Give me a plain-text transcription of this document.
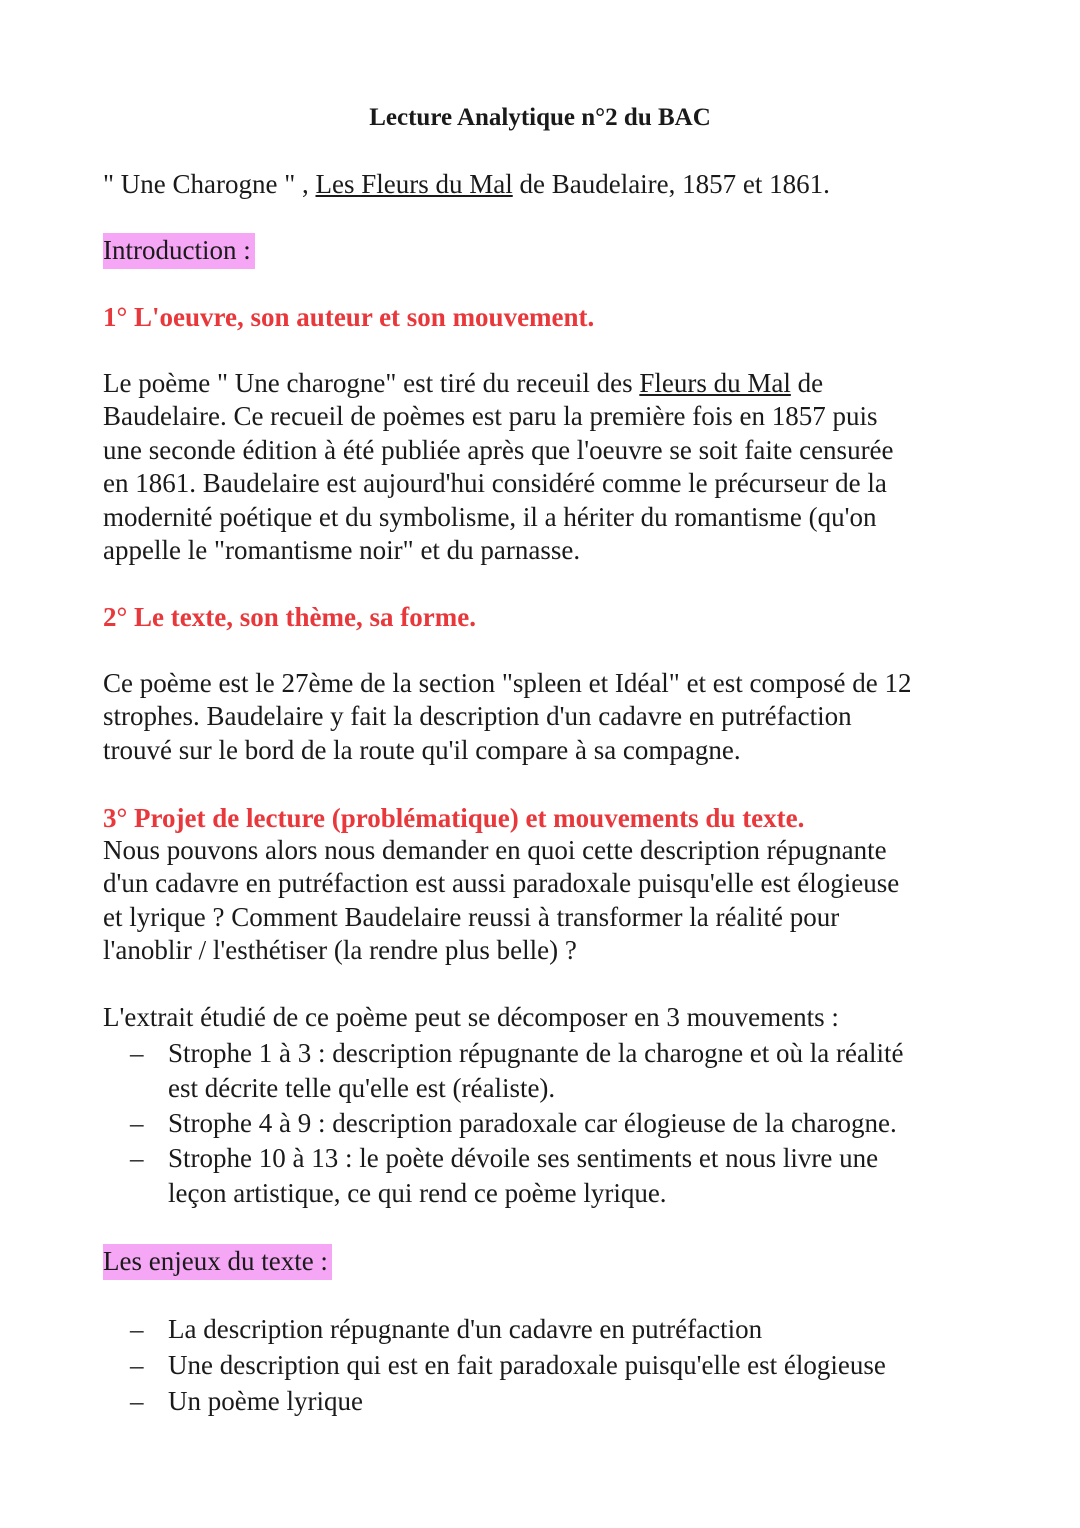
Lecture Analytique n°2 du BAC
" Une Charogne " , Les Fleurs du Mal de Baudelaire, 1857 et 1861.
Introduction :
1° L'oeuvre, son auteur et son mouvement.
Le poème " Une charogne" est tiré du receuil des Fleurs du Mal de
Baudelaire. Ce recueil de poèmes est paru la première fois en 1857 puis
une seconde édition à été publiée après que l'oeuvre se soit faite censurée
en 1861. Baudelaire est aujourd'hui considéré comme le précurseur de la
modernité poétique et du symbolisme, il a hériter du romantisme (qu'on
appelle le "romantisme noir" et du parnasse.
2° Le texte, son thème, sa forme.
Ce poème est le 27ème de la section "spleen et Idéal" et est composé de 12
strophes. Baudelaire y fait la description d'un cadavre en putréfaction
trouvé sur le bord de la route qu'il compare à sa compagne.
3° Projet de lecture (problématique) et mouvements du texte.
Nous pouvons alors nous demander en quoi cette description répugnante
d'un cadavre en putréfaction est aussi paradoxale puisqu'elle est élogieuse
et lyrique ? Comment Baudelaire reussi à transformer la réalité pour
l'anoblir / l'esthétiser (la rendre plus belle) ?
L'extrait étudié de ce poème peut se décomposer en 3 mouvements :
– Strophe 1 à 3 : description répugnante de la charogne et où la réalité
est décrite telle qu'elle est (réaliste).
– Strophe 4 à 9 : description paradoxale car élogieuse de la charogne.
– Strophe 10 à 13 : le poète dévoile ses sentiments et nous livre une
leçon artistique, ce qui rend ce poème lyrique.
Les enjeux du texte :
– La description répugnante d'un cadavre en putréfaction
– Une description qui est en fait paradoxale puisqu'elle est élogieuse
– Un poème lyrique
